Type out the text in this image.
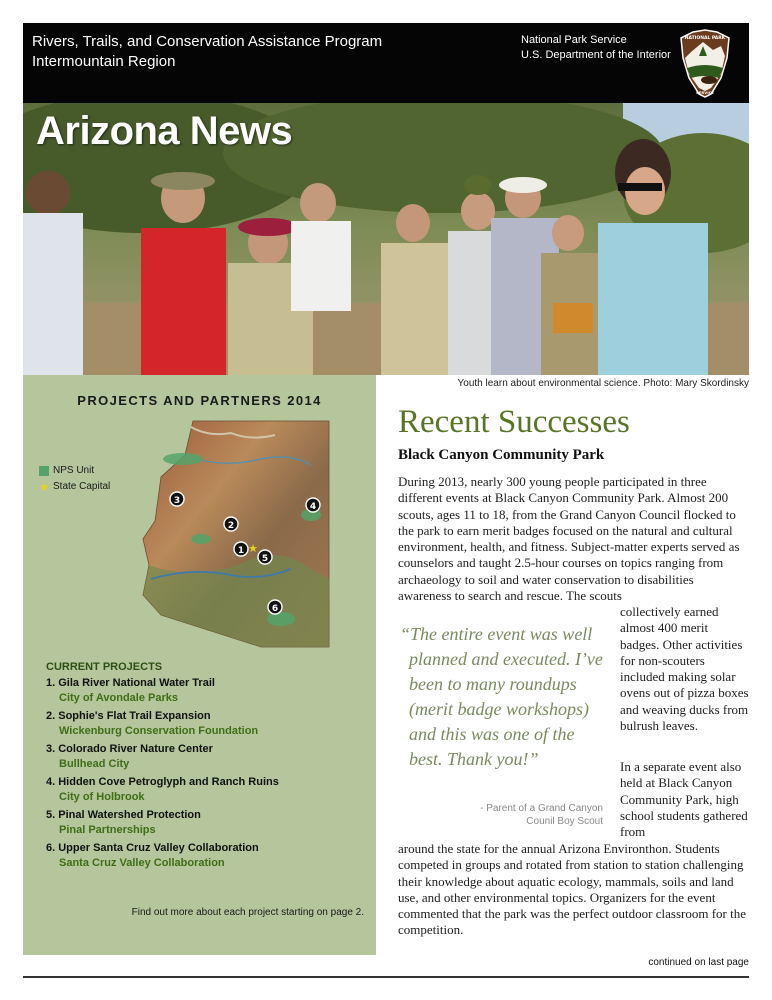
Rivers, Trails, and Conservation Assistance Program
Intermountain Region
National Park Service
U.S. Department of the Interior
NATIONAL PARK
SERVICE
Arizona News
Youth learn about environmental science. Photo: Mary Skordinsky
PROJECTS AND PARTNERS 2014
NPS Unit
★ State Capital
★
1
2
3
4
5
6
CURRENT PROJECTS
1. Gila River National Water Trail
City of Avondale Parks
2. Sophie's Flat Trail Expansion
Wickenburg Conservation Foundation
3. Colorado River Nature Center
Bullhead City
4. Hidden Cove Petroglyph and Ranch Ruins
City of Holbrook
5. Pinal Watershed Protection
Pinal Partnerships
6. Upper Santa Cruz Valley Collaboration
Santa Cruz Valley Collaboration
Find out more about each project starting on page 2.
Recent Successes
Black Canyon Community Park
During 2013, nearly 300 young people participated in three different events at Black Canyon Community Park. Almost 200 scouts, ages 11 to 18, from the Grand Canyon Council flocked to the park to earn merit badges focused on the natural and cultural environment, health, and fitness. Subject-matter experts served as counselors and taught 2.5-hour courses on topics ranging from archaeology to soil and water conservation to disabilities awareness to search and rescue. The scouts
collectively earned almost 400 merit badges. Other activities for non-scouters included making solar ovens out of pizza boxes and weaving ducks from bulrush leaves.
In a separate event also held at Black Canyon Community Park, high school students gathered from
around the state for the annual Arizona Environthon. Students competed in groups and rotated from station to station challenging their knowledge about aquatic ecology, mammals, soils and land use, and other environmental topics. Organizers for the event commented that the park was the perfect outdoor classroom for the competition.
“The entire event was well planned and executed. I’ve been to many roundups (merit badge workshops) and this was one of the best. Thank you!”
- Parent of a Grand Canyon
Counil Boy Scout
continued on last page
